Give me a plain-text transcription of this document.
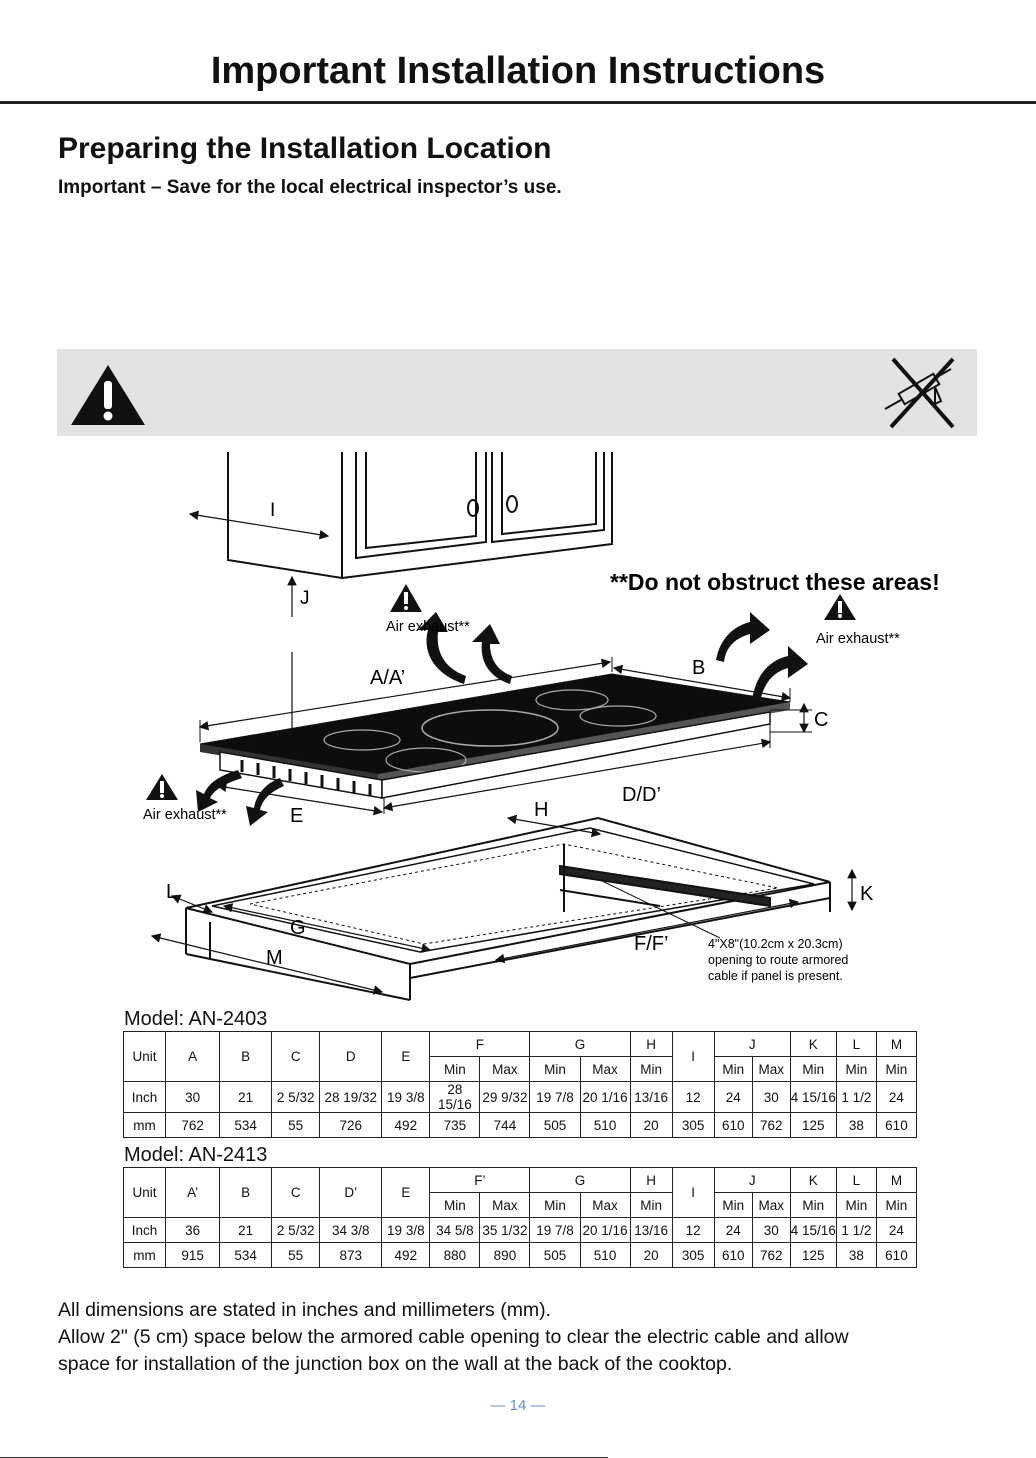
Important Installation Instructions
Preparing the Installation Location
Important – Save for the local electrical inspector’s use.
I
J
A/A’	B
C
D/D’
E
Air exhaust**
Air exhaust**
Air exhaust**
**Do not obstruct these areas!
H
K
L
G
M
F/F’	4"X8"(10.2cm x 20.3cm)
opening to route armored
cable if panel is present.
Model: AN-2403
Unit	A	B	C	D	E	F		G		H	I	J		K	L	M
						Min	Max	Min	Max	Min		Min	Max	Min	Min	Min
Inch	30	21	2 5/32	28 19/32	19 3/8	28 15/16	29 9/32	19 7/8	20 1/16	13/16	12	24	30	4 15/16	1 1/2	24
mm	762	534	55	726	492	735	744	505	510	20	305	610	762	125	38	610
Model: AN-2413
Unit	A’	B	C	D’	E	F’		G		H	I	J		K	L	M
						Min	Max	Min	Max	Min		Min	Max	Min	Min	Min
Inch	36	21	2 5/32	34 3/8	19 3/8	34 5/8	35 1/32	19 7/8	20 1/16	13/16	12	24	30	4 15/16	1 1/2	24
mm	915	534	55	873	492	880	890	505	510	20	305	610	762	125	38	610
All dimensions are stated in inches and millimeters (mm).
Allow 2" (5 cm) space below the armored cable opening to clear the electric cable and allow
space for installation of the junction box on the wall at the back of the cooktop.
— 14 —
